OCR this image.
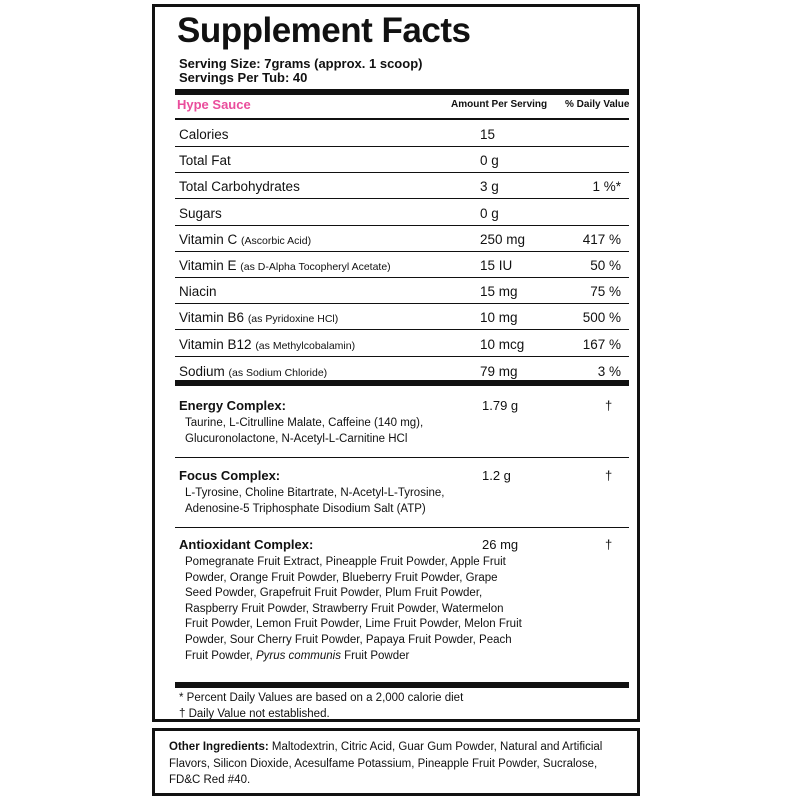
Supplement Facts
Serving Size: 7grams (approx. 1 scoop)
Servings Per Tub: 40
Hype Sauce	Amount Per Serving % Daily Value
Calories	15
Total Fat	0 g
Total Carbohydrates	3 g	1 %*
Sugars	0 g
Vitamin C (Ascorbic Acid)	250 mg	417 %
Vitamin E (as D-Alpha Tocopheryl Acetate)	15 IU	50 %
Niacin	15 mg	75 %
Vitamin B6 (as Pyridoxine HCl)	10 mg	500 %
Vitamin B12 (as Methylcobalamin)	10 mcg	167 %
Sodium (as Sodium Chloride)	79 mg	3 %
Energy Complex:	1.79 g	†
Taurine, L-Citrulline Malate, Caffeine (140 mg), Glucuronolactone, N-Acetyl-L-Carnitine HCl
Focus Complex:	1.2 g	†
L-Tyrosine, Choline Bitartrate, N-Acetyl-L-Tyrosine, Adenosine-5 Triphosphate Disodium Salt (ATP)
Antioxidant Complex:	26 mg	†
Pomegranate Fruit Extract, Pineapple Fruit Powder, Apple Fruit Powder, Orange Fruit Powder, Blueberry Fruit Powder, Grape Seed Powder, Grapefruit Fruit Powder, Plum Fruit Powder, Raspberry Fruit Powder, Strawberry Fruit Powder, Watermelon Fruit Powder, Lemon Fruit Powder, Lime Fruit Powder, Melon Fruit Powder, Sour Cherry Fruit Powder, Papaya Fruit Powder, Peach Fruit Powder, Pyrus communis Fruit Powder
* Percent Daily Values are based on a 2,000 calorie diet
† Daily Value not established.
Other Ingredients: Maltodextrin, Citric Acid, Guar Gum Powder, Natural and Artificial Flavors, Silicon Dioxide, Acesulfame Potassium, Pineapple Fruit Powder, Sucralose, FD&C Red #40.
